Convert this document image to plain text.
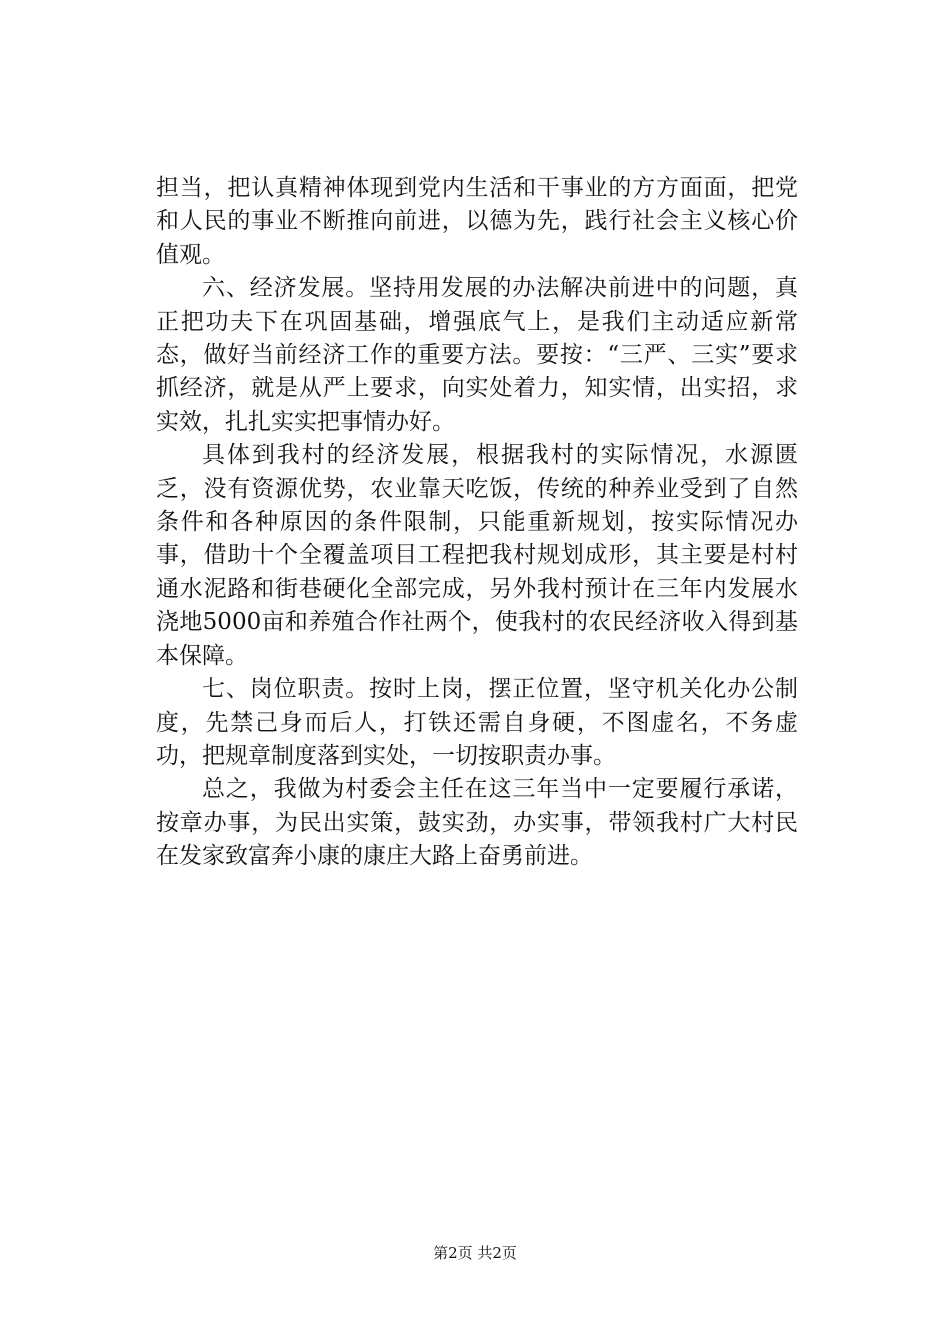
担当，把认真精神体现到党内生活和干事业的方方面面，把党和人民的事业不断推向前进，以德为先，践行社会主义核心价值观。

六、经济发展。坚持用发展的办法解决前进中的问题，真正把功夫下在巩固基础，增强底气上，是我们主动适应新常态，做好当前经济工作的重要方法。要按：“三严、三实”要求抓经济，就是从严上要求，向实处着力，知实情，出实招，求实效，扎扎实实把事情办好。

具体到我村的经济发展，根据我村的实际情况，水源匮乏，没有资源优势，农业靠天吃饭，传统的种养业受到了自然条件和各种原因的条件限制，只能重新规划，按实际情况办事，借助十个全覆盖项目工程把我村规划成形，其主要是村村通水泥路和街巷硬化全部完成，另外我村预计在三年内发展水浇地5000亩和养殖合作社两个，使我村的农民经济收入得到基本保障。

七、岗位职责。按时上岗，摆正位置，坚守机关化办公制度，先禁己身而后人，打铁还需自身硬，不图虚名，不务虚功，把规章制度落到实处，一切按职责办事。

总之，我做为村委会主任在这三年当中一定要履行承诺，按章办事，为民出实策，鼓实劲，办实事，带领我村广大村民在发家致富奔小康的康庄大路上奋勇前进。

第2页 共2页
